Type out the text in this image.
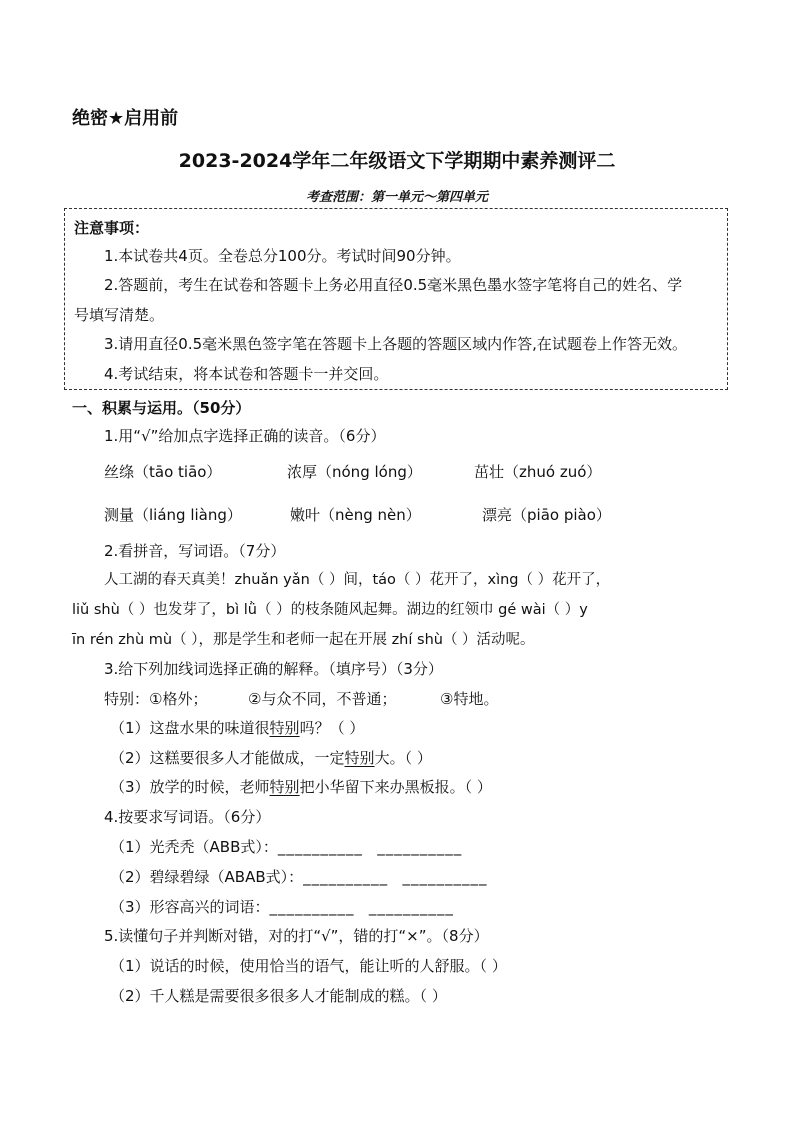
绝密★启用前
2023-2024学年二年级语文下学期期中素养测评二
考查范围：第一单元～第四单元
注意事项：
1.本试卷共4页。全卷总分100分。考试时间90分钟。
2.答题前，考生在试卷和答题卡上务必用直径0.5毫米黑色墨水签字笔将自己的姓名、学
号填写清楚。
3.请用直径0.5毫米黑色签字笔在答题卡上各题的答题区域内作答,在试题卷上作答无效。
4.考试结束，将本试卷和答题卡一并交回。
一、积累与运用。（50分）
1.用“√”给加点字选择正确的读音。（6分）
丝绦（tāo tiāo）	浓厚（nóng lóng）	茁壮（zhuó zuó）
测量（liáng liàng）	嫩叶（nèng nèn）	漂亮（piāo piào）
2.看拼音，写词语。（7分）
人工湖的春天真美！zhuǎn yǎn（ ）间，táo（ ）花开了，xìng（ ）花开了，
liǔ shù（ ）也发芽了，bì lǜ（ ）的枝条随风起舞。湖边的红领巾 gé wài（ ）y
īn rén zhù mù（ ），那是学生和老师一起在开展 zhí shù（ ）活动呢。
3.给下列加线词选择正确的解释。（填序号）（3分）
特别：①格外；	②与众不同，不普通；	③特地。
（1）这盘水果的味道很特别吗？（ ）
（2）这糕要很多人才能做成，一定特别大。（ ）
（3）放学的时候，老师特别把小华留下来办黑板报。（ ）
4.按要求写词语。（6分）
（1）光秃秃（ABB式）：__________ __________
（2）碧绿碧绿（ABAB式）：__________ __________
（3）形容高兴的词语：__________ __________
5.读懂句子并判断对错，对的打“√”，错的打“×”。（8分）
（1）说话的时候，使用恰当的语气，能让听的人舒服。（ ）
（2）千人糕是需要很多很多人才能制成的糕。（ ）
